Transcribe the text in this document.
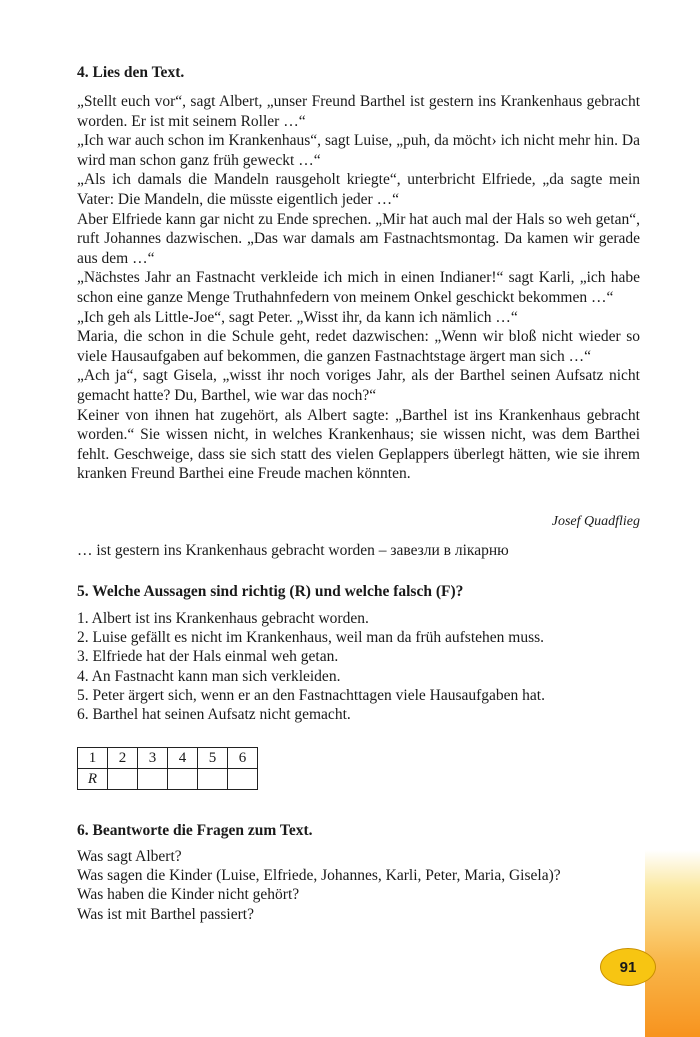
4. Lies den Text.

„Stellt euch vor“, sagt Albert, „unser Freund Barthel ist gestern ins Krankenhaus gebracht worden. Er ist mit seinem Roller …“

„Ich war auch schon im Krankenhaus“, sagt Luise, „puh, da möcht› ich nicht mehr hin. Da wird man schon ganz früh geweckt …“

„Als ich damals die Mandeln rausgeholt kriegte“, unterbricht Elfriede, „da sagte mein Vater: Die Mandeln, die müsste eigentlich jeder …“

Aber Elfriede kann gar nicht zu Ende sprechen. „Mir hat auch mal der Hals so weh getan“, ruft Johannes dazwischen. „Das war damals am Fastnachtsmontag. Da kamen wir gerade aus dem …“

„Nächstes Jahr an Fastnacht verkleide ich mich in einen Indianer!“ sagt Karli, „ich habe schon eine ganze Menge Truthahnfedern von meinem Onkel geschickt bekommen …“

„Ich geh als Little-Joe“, sagt Peter. „Wisst ihr, da kann ich nämlich …“

Maria, die schon in die Schule geht, redet dazwischen: „Wenn wir bloß nicht wieder so viele Hausaufgaben auf bekommen, die ganzen Fastnachtstage ärgert man sich …“

„Ach ja“, sagt Gisela, „wisst ihr noch voriges Jahr, als der Barthel seinen Aufsatz nicht gemacht hatte? Du, Barthel, wie war das noch?“

Keiner von ihnen hat zugehört, als Albert sagte: „Barthel ist ins Krankenhaus gebracht worden.“ Sie wissen nicht, in welches Krankenhaus; sie wissen nicht, was dem Barthei fehlt. Geschweige, dass sie sich statt des vielen Geplappers überlegt hätten, wie sie ihrem kranken Freund Barthei eine Freude machen könnten.

Josef Quadflieg
… ist gestern ins Krankenhaus gebracht worden – завезли в лікарню
5. Welche Aussagen sind richtig (R) und welche falsch (F)?

1. Albert ist ins Krankenhaus gebracht worden.

2. Luise gefällt es nicht im Krankenhaus, weil man da früh aufstehen muss.

3. Elfriede hat der Hals einmal weh getan.

4. An Fastnacht kann man sich verkleiden.

5. Peter ärgert sich, wenn er an den Fastnachttagen viele Hausaufgaben hat.

6. Barthel hat seinen Aufsatz nicht gemacht.

1	2	3	4	5	6
R					
6. Beantworte die Fragen zum Text.

Was sagt Albert?

Was sagen die Kinder (Luise, Elfriede, Johannes, Karli, Peter, Maria, Gisela)?

Was haben die Kinder nicht gehört?

Was ist mit Barthel passiert?

91
